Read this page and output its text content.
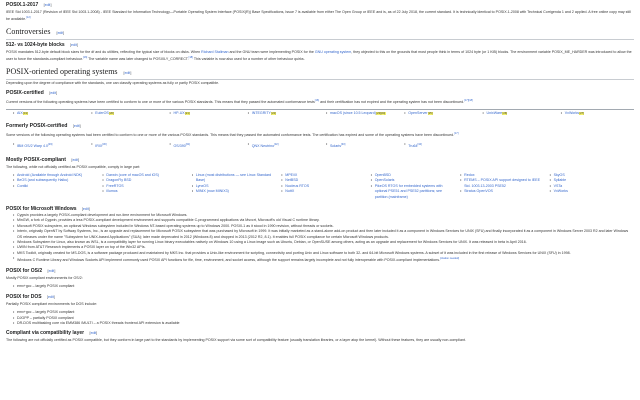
POSIX.1-2017 [edit]

IEEE Std 1003.1-2017 (Revision of IEEE Std 1003.1-2008) - IEEE Standard for Information Technology—Portable Operating System Interface (POSIX(R)) Base Specifications, Issue 7 is available from either The Open Group or IEEE and is, as of 22 July 2018, the current standard. It is technically identical to POSIX.1-2008 with Technical Corrigenda 1 and 2 applied. A free online copy may still be available.[12]

Controversies [edit]
512- vs 1024-byte blocks [edit]

POSIX mandates 512-byte default block sizes for the df and du utilities, reflecting the typical size of blocks on disks. When Richard Stallman and the GNU team were implementing POSIX for the GNU operating system, they objected to this on the grounds that most people think in terms of 1024 byte (or 1 KiB) blocks. The environment variable POSIX_ME_HARDER was introduced to allow the user to force the standards-compliant behaviour.[16] The variable name was later changed to POSIXLY_CORRECT.[18] This variable is now also used for a number of other behaviour quirks.

POSIX-oriented operating systems [edit]

Depending upon the degree of compliance with the standards, one can classify operating systems as fully or partly POSIX compatible.

POSIX-certified [edit]

Current versions of the following operating systems have been certified to conform to one or more of the various POSIX standards. This means that they passed the automated conformance tests[16] and their certification has not expired and the operating system has not been discontinued.[17][18]

• AIX[19]	• EulerOS[20]	• HP-UX[21]	• INTEGRITY[22]	• macOS (since 10.5 Leopard)[23][24]	• OpenServer[25]	• UnixWare[26]	• VxWorks[27]
Formerly POSIX-certified [edit]

Some versions of the following operating systems had been certified to conform to one or more of the various POSIX standards. This means that they passed the automated conformance tests. The certification has expired and some of the operating systems have been discontinued.[17]

• IBM OS/2 Warp 4.0[29]	• IRIX[30]	• OS/390[31]	• QNX Neutrino[32]	• Solaris[33]	• Tru64[34]
Mostly POSIX-compliant [edit]

The following, while not officially certified as POSIX compatible, comply in large part:

• Android (Available through Android NDK)
• BeOS (and subsequently Haiku)
• Contiki
• Darwin (core of macOS and iOS)
• DragonFly BSD
• FreeRTOS
• illumos
• Linux (most distributions — see Linux Standard Base)
• LynxOS
• MINIX (now MINIX3)
• MPE/iX
• NetBSD
• Nucleus RTOS
• NuttX
• OpenBSD
• OpenSolaris
• PikeOS RTOS for embedded systems with optional PSE51 and PSE52 partitions; see partition (mainframe)
• Redox
• RTEMS – POSIX API support designed to IEEE Std. 1003.13-2003 PSE52
• Stratus OpenVOS
• SkyOS
• Syllable
• VSTa
• VxWorks
POSIX for Microsoft Windows [edit]
• Cygwin provides a largely POSIX-compliant development and run-time environment for Microsoft Windows.
• MinGW, a fork of Cygwin, provides a less POSIX-compliant development environment and supports compatible C-programmed applications via Msvcrt, Microsoft's old Visual C runtime library.
• Microsoft POSIX subsystem, an optional Windows subsystem included in Windows NT-based operating systems up to Windows 2000. POSIX-1 as it stood in 1990 revision, without threads or sockets.
• Interix, originally OpenNT by Softway Systems, Inc., is an upgrade and replacement for Microsoft POSIX subsystem that was purchased by Microsoft in 1999. It was initially marketed as a stand-alone add-on product and then later included it as a component in Windows Services for UNIX (SFU) and finally incorporated it as a component in Windows Server 2003 R2 and later Windows OS releases under the name "Subsystem for UNIX-based Applications" (SUA); later made deprecated in 2012 (Windows 8) and dropped in 2013 (2012 R2, 8.1). It enables full POSIX compliance for certain Microsoft Windows products.
• Windows Subsystem for Linux, also known as WSL, is a compatibility layer for running Linux binary executables natively on Windows 10 using a Linux image such as Ubuntu, Debian, or OpenSUSE among others, acting as an upgrade and replacement for Windows Services for UNIX. It was released in beta in April 2016.
• UWIN from AT&T Research implements a POSIX layer on top of the Win32 APIs.
• MKS Toolkit, originally created for MS-DOS, is a software package produced and maintained by MKS Inc. that provides a Unix-like environment for scripting, connectivity and porting Unix and Linux software to both 32- and 64-bit Microsoft Windows systems. A subset of it was included in the first release of Windows Services for UNIX (SFU) in 1998.
• Windows C Runtime Library and Windows Sockets API implement commonly used POSIX API functions for file, time, environment, and socket access, although the support remains largely incomplete and not fully interoperable with POSIX-compliant implementations.[citation needed]
POSIX for OS/2 [edit]

Mostly POSIX compliant environments for OS/2:

• emx+gcc – largely POSIX compliant
POSIX for DOS [edit]

Partially POSIX compliant environments for DOS include:

• emx+gcc – largely POSIX compliant
• DJGPP – partially POSIX compliant
• DR-DOS multitasking core via EMM386 /MULTI – a POSIX threads frontend API extension is available
Compliant via compatibility layer [edit]

The following are not officially certified as POSIX compatible, but they conform in large part to the standards by implementing POSIX support via some sort of compatibility feature (usually translation libraries, or a layer atop the kernel). Without these features, they are usually non-compliant.
